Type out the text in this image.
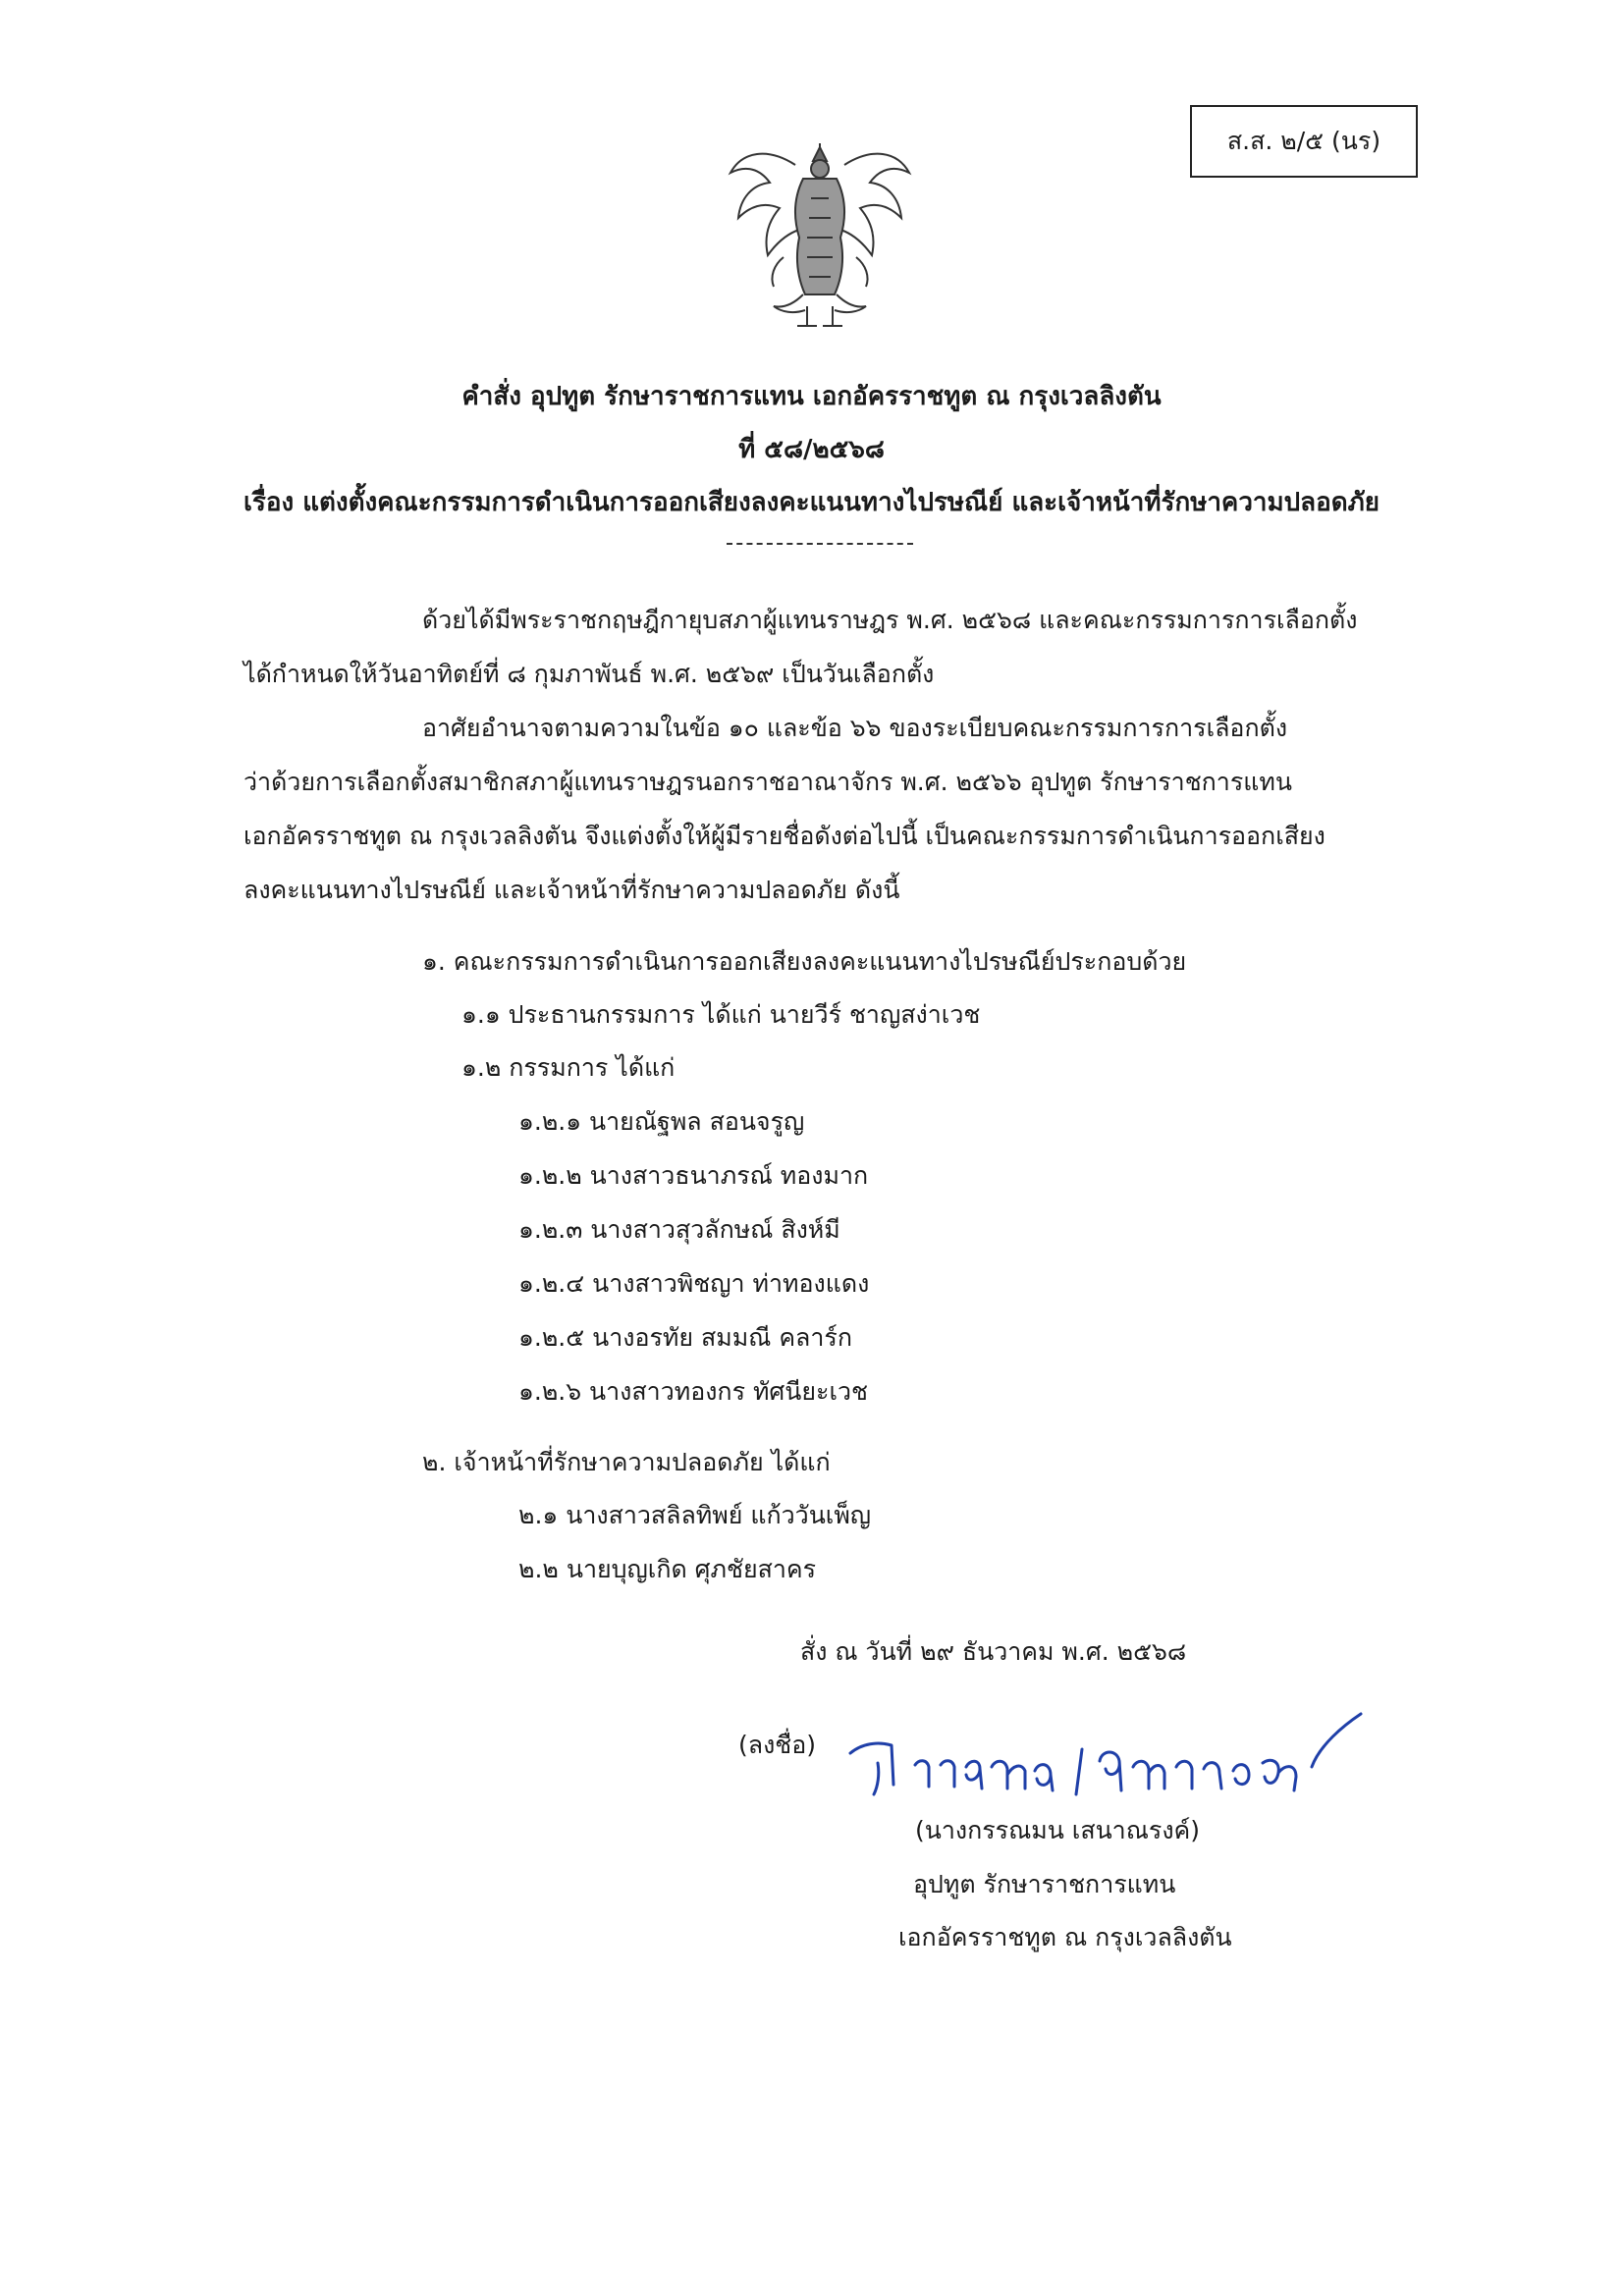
ส.ส. ๒/๕ (นร)
คำสั่ง อุปทูต รักษาราชการแทน เอกอัครราชทูต ณ กรุงเวลลิงตัน
ที่ ๕๘/๒๕๖๘
เรื่อง แต่งตั้งคณะกรรมการดำเนินการออกเสียงลงคะแนนทางไปรษณีย์ และเจ้าหน้าที่รักษาความปลอดภัย
ด้วยได้มีพระราชกฤษฎีกายุบสภาผู้แทนราษฎร พ.ศ. ๒๕๖๘ และคณะกรรมการการเลือกตั้ง
ได้กำหนดให้วันอาทิตย์ที่ ๘ กุมภาพันธ์ พ.ศ. ๒๕๖๙ เป็นวันเลือกตั้ง
อาศัยอำนาจตามความในข้อ ๑๐ และข้อ ๖๖ ของระเบียบคณะกรรมการการเลือกตั้ง
ว่าด้วยการเลือกตั้งสมาชิกสภาผู้แทนราษฎรนอกราชอาณาจักร พ.ศ. ๒๕๖๖ อุปทูต รักษาราชการแทน
เอกอัครราชทูต ณ กรุงเวลลิงตัน จึงแต่งตั้งให้ผู้มีรายชื่อดังต่อไปนี้ เป็นคณะกรรมการดำเนินการออกเสียง
ลงคะแนนทางไปรษณีย์ และเจ้าหน้าที่รักษาความปลอดภัย ดังนี้
๑. คณะกรรมการดำเนินการออกเสียงลงคะแนนทางไปรษณีย์ประกอบด้วย
๑.๑ ประธานกรรมการ ได้แก่ นายวีร์ ชาญสง่าเวช
๑.๒ กรรมการ ได้แก่
๑.๒.๑ นายณัฐพล สอนจรูญ
๑.๒.๒ นางสาวธนาภรณ์ ทองมาก
๑.๒.๓ นางสาวสุวลักษณ์ สิงห์มี
๑.๒.๔ นางสาวพิชญา ท่าทองแดง
๑.๒.๕ นางอรทัย สมมณี คลาร์ก
๑.๒.๖ นางสาวทองกร ทัศนียะเวช
๒. เจ้าหน้าที่รักษาความปลอดภัย ได้แก่
๒.๑ นางสาวสลิลทิพย์ แก้ววันเพ็ญ
๒.๒ นายบุญเกิด ศุภชัยสาคร
สั่ง ณ วันที่ ๒๙ ธันวาคม พ.ศ. ๒๕๖๘
(ลงชื่อ)
(นางกรรณมน เสนาณรงค์)
อุปทูต รักษาราชการแทน
เอกอัครราชทูต ณ กรุงเวลลิงตัน
